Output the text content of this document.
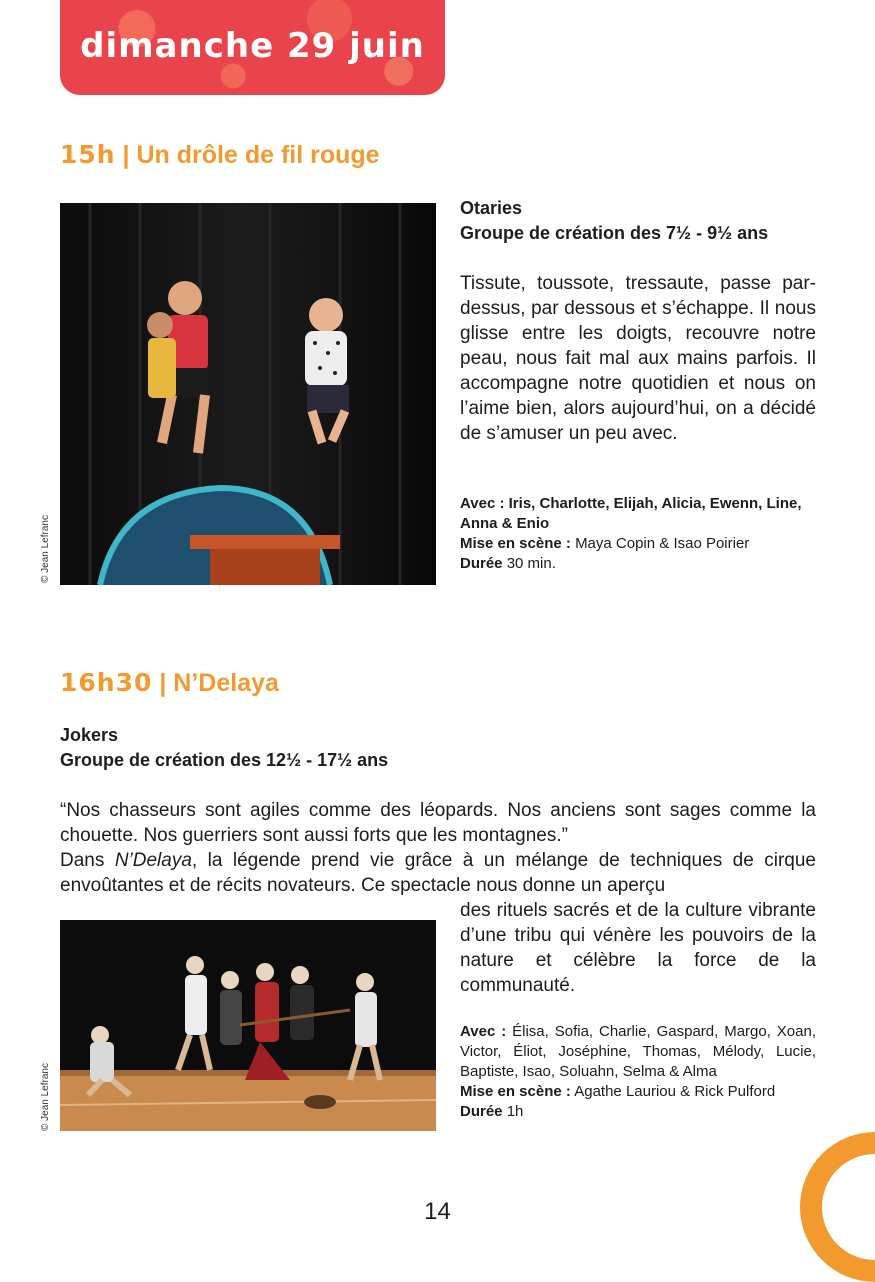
dimanche 29 juin
15h | Un drôle de fil rouge
© Jean Lefranc
Otaries
Groupe de création des 7½ - 9½ ans
Tissute, toussote, tressaute, passe par-dessus, par dessous et s’échappe. Il nous glisse entre les doigts, recouvre notre peau, nous fait mal aux mains parfois. Il accompagne notre quotidien et nous on l’aime bien, alors aujourd’hui, on a décidé de s’amuser un peu avec.
Avec : Iris, Charlotte, Elijah, Alicia, Ewenn, Line, Anna & Enio
Mise en scène : Maya Copin & Isao Poirier
Durée 30 min.
16h30 | N’Delaya
Jokers
Groupe de création des 12½ - 17½ ans
“Nos chasseurs sont agiles comme des léopards. Nos anciens sont sages comme la chouette. Nos guerriers sont aussi forts que les montagnes.”
Dans N’Delaya, la légende prend vie grâce à un mélange de techniques de cirque envoûtantes et de récits novateurs. Ce spectacle nous donne un aperçu
des rituels sacrés et de la culture vibrante d’une tribu qui vénère les pouvoirs de la nature et célèbre la force de la communauté.
© Jean Lefranc
Avec : Élisa, Sofia, Charlie, Gaspard, Margo, Xoan, Victor, Éliot, Joséphine, Thomas, Mélody, Lucie, Baptiste, Isao, Soluahn, Selma & Alma
Mise en scène : Agathe Lauriou & Rick Pulford
Durée 1h
14
